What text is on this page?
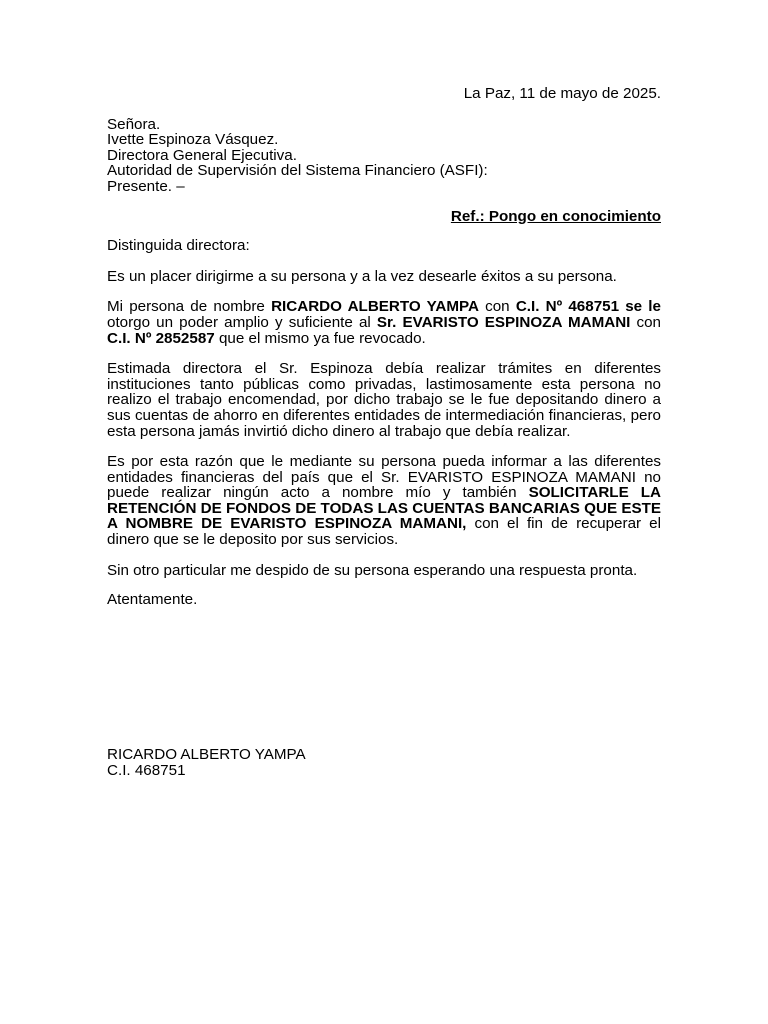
La Paz, 11 de mayo de 2025.

Señora.

Ivette Espinoza Vásquez.

Directora General Ejecutiva.

Autoridad de Supervisión del Sistema Financiero (ASFI):

Presente. –

Ref.: Pongo en conocimiento

Distinguida directora:

Es un placer dirigirme a su persona y a la vez desearle éxitos a su persona.

Mi persona de nombre RICARDO ALBERTO YAMPA con C.I. Nº 468751 se le otorgo un poder amplio y suficiente al Sr. EVARISTO ESPINOZA MAMANI con C.I. Nº 2852587 que el mismo ya fue revocado.

Estimada directora el Sr. Espinoza debía realizar trámites en diferentes instituciones tanto públicas como privadas, lastimosamente esta persona no realizo el trabajo encomendad, por dicho trabajo se le fue depositando dinero a sus cuentas de ahorro en diferentes entidades de intermediación financieras, pero esta persona jamás invirtió dicho dinero al trabajo que debía realizar.

Es por esta razón que le mediante su persona pueda informar a las diferentes entidades financieras del país que el Sr. EVARISTO ESPINOZA MAMANI no puede realizar ningún acto a nombre mío y también SOLICITARLE LA RETENCIÓN DE FONDOS DE TODAS LAS CUENTAS BANCARIAS QUE ESTE A NOMBRE DE EVARISTO ESPINOZA MAMANI, con el fin de recuperar el dinero que se le deposito por sus servicios.

Sin otro particular me despido de su persona esperando una respuesta pronta.

Atentamente.

RICARDO ALBERTO YAMPA

C.I. 468751
